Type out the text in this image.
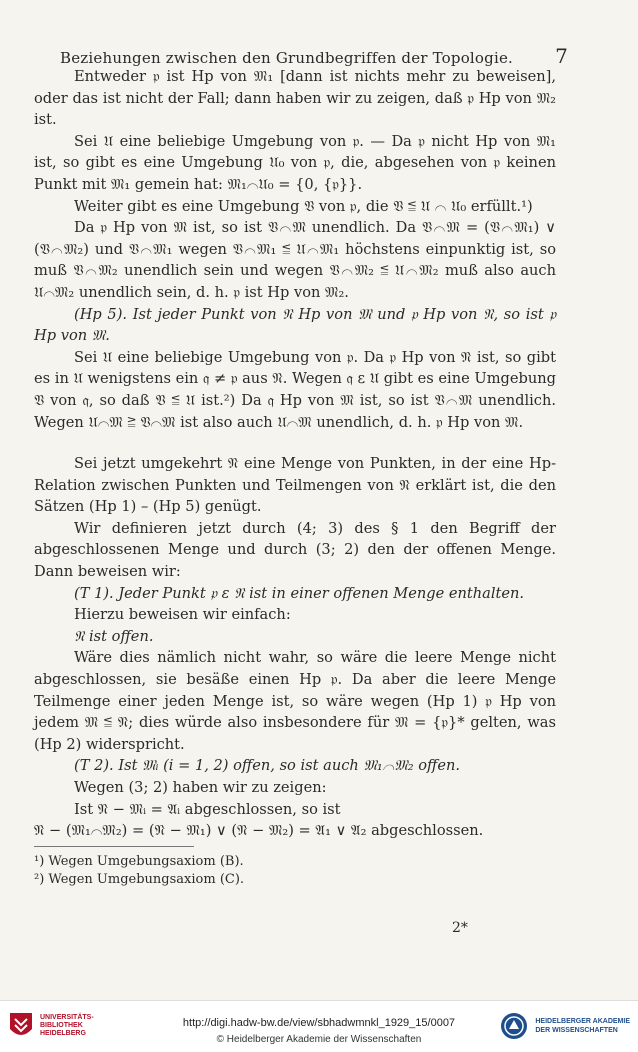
Beziehungen zwischen den Grundbegriffen der Topologie. 7

Entweder 𝔭 ist Hp von 𝔐₁ [dann ist nichts mehr zu beweisen], oder das ist nicht der Fall; dann haben wir zu zeigen, daß 𝔭 Hp von 𝔐₂ ist.

Sei 𝔘 eine beliebige Umgebung von 𝔭. — Da 𝔭 nicht Hp von 𝔐₁ ist, so gibt es eine Umgebung 𝔘₀ von 𝔭, die, abgesehen von 𝔭 keinen Punkt mit 𝔐₁ gemein hat: 𝔐₁⌒𝔘₀ = {0, {𝔭}}.

Weiter gibt es eine Umgebung 𝔙 von 𝔭, die 𝔙 ≦ 𝔘 ⌒ 𝔘₀ erfüllt.¹)

Da 𝔭 Hp von 𝔐 ist, so ist 𝔙⌒𝔐 unendlich. Da 𝔙⌒𝔐 = (𝔙⌒𝔐₁) ∨ (𝔙⌒𝔐₂) und 𝔙⌒𝔐₁ wegen 𝔙⌒𝔐₁ ≦ 𝔘⌒𝔐₁ höchstens einpunktig ist, so muß 𝔙⌒𝔐₂ unendlich sein und wegen 𝔙⌒𝔐₂ ≦ 𝔘⌒𝔐₂ muß also auch 𝔘⌒𝔐₂ unendlich sein, d. h. 𝔭 ist Hp von 𝔐₂.

(Hp 5). Ist jeder Punkt von 𝔑 Hp von 𝔐 und 𝔭 Hp von 𝔑, so ist 𝔭 Hp von 𝔐.

Sei 𝔘 eine beliebige Umgebung von 𝔭. Da 𝔭 Hp von 𝔑 ist, so gibt es in 𝔘 wenigstens ein 𝔮 ≠ 𝔭 aus 𝔑. Wegen 𝔮 ε 𝔘 gibt es eine Umgebung 𝔙 von 𝔮, so daß 𝔙 ≦ 𝔘 ist.²) Da 𝔮 Hp von 𝔐 ist, so ist 𝔙⌒𝔐 unendlich. Wegen 𝔘⌒𝔐 ≧ 𝔙⌒𝔐 ist also auch 𝔘⌒𝔐 unendlich, d. h. 𝔭 Hp von 𝔐.

Sei jetzt umgekehrt 𝔑 eine Menge von Punkten, in der eine Hp-Relation zwischen Punkten und Teilmengen von 𝔑 erklärt ist, die den Sätzen (Hp 1) – (Hp 5) genügt.

Wir definieren jetzt durch (4; 3) des § 1 den Begriff der abgeschlossenen Menge und durch (3; 2) den der offenen Menge. Dann beweisen wir:

(T 1). Jeder Punkt 𝔭 ε 𝔑 ist in einer offenen Menge enthalten.

Hierzu beweisen wir einfach:

𝔑 ist offen.

Wäre dies nämlich nicht wahr, so wäre die leere Menge nicht abgeschlossen, sie besäße einen Hp 𝔭. Da aber die leere Menge Teilmenge einer jeden Menge ist, so wäre wegen (Hp 1) 𝔭 Hp von jedem 𝔐 ≦ 𝔑; dies würde also insbesondere für 𝔐 = {𝔭}* gelten, was (Hp 2) widerspricht.

(T 2). Ist 𝔐ᵢ (i = 1, 2) offen, so ist auch 𝔐₁⌒𝔐₂ offen.

Wegen (3; 2) haben wir zu zeigen:

Ist 𝔑 − 𝔐ᵢ = 𝔄ᵢ abgeschlossen, so ist

𝔑 − (𝔐₁⌒𝔐₂) = (𝔑 − 𝔐₁) ∨ (𝔑 − 𝔐₂) = 𝔄₁ ∨ 𝔄₂ abgeschlossen.

¹) Wegen Umgebungsaxiom (B).

²) Wegen Umgebungsaxiom (C).

2*
UNIVERSITÄTS-
BIBLIOTHEK
HEIDELBERG
http://digi.hadw-bw.de/view/sbhadwmnkl_1929_15/0007
© Heidelberger Akademie der Wissenschaften
HEIDELBERGER AKADEMIE
DER WISSENSCHAFTEN
